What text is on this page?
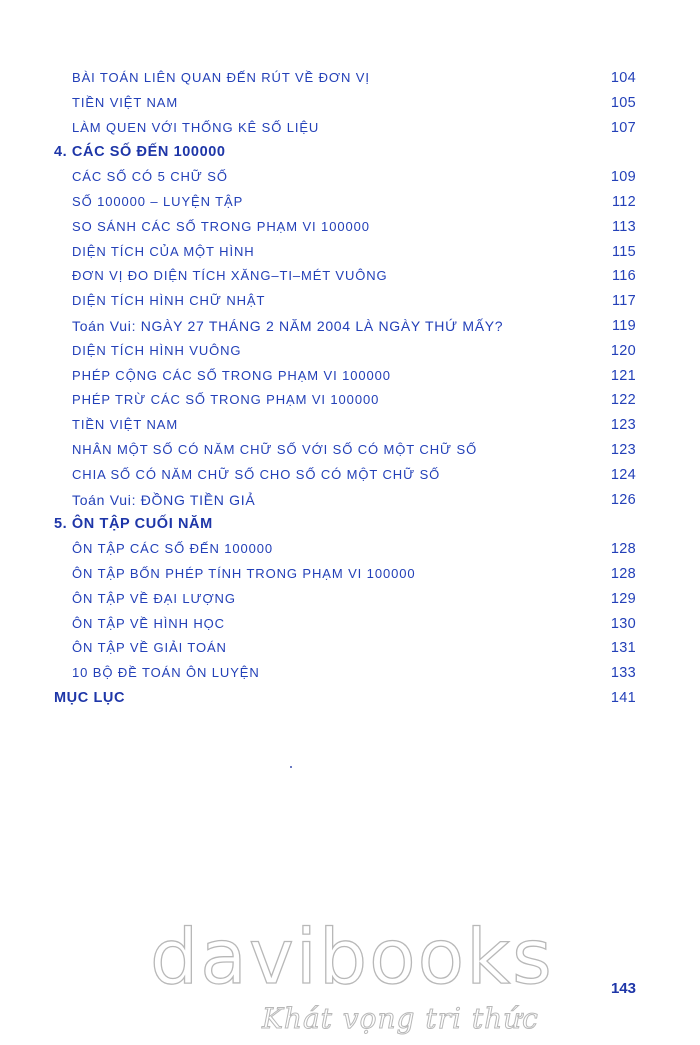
BÀI TOÁN LIÊN QUAN ĐẾN RÚT VỀ ĐƠN VỊ	104
TIỀN VIỆT NAM	105
LÀM QUEN VỚI THỐNG KÊ SỐ LIỆU	107
4. CÁC SỐ ĐẾN 100000
CÁC SỐ CÓ 5 CHỮ SỐ	109
SỐ 100000 – LUYỆN TẬP	112
SO SÁNH CÁC SỐ TRONG PHẠM VI 100000	113
DIỆN TÍCH CỦA MỘT HÌNH	115
ĐƠN VỊ ĐO DIỆN TÍCH XĂNG–TI–MÉT VUÔNG	116
DIỆN TÍCH HÌNH CHỮ NHẬT	117
Toán Vui: NGÀY 27 THÁNG 2 NĂM 2004 LÀ NGÀY THỨ MẤY?	119
DIỆN TÍCH HÌNH VUÔNG	120
PHÉP CỘNG CÁC SỐ TRONG PHẠM VI 100000	121
PHÉP TRỪ CÁC SỐ TRONG PHẠM VI 100000	122
TIỀN VIỆT NAM	123
NHÂN MỘT SỐ CÓ NĂM CHỮ SỐ VỚI SỐ CÓ MỘT CHỮ SỐ	123
CHIA SỐ CÓ NĂM CHỮ SỐ CHO SỐ CÓ MỘT CHỮ SỐ	124
Toán Vui: ĐỒNG TIỀN GIẢ	126
5. ÔN TẬP CUỐI NĂM
ÔN TẬP CÁC SỐ ĐẾN 100000	128
ÔN TẬP BỐN PHÉP TÍNH TRONG PHẠM VI 100000	128
ÔN TẬP VỀ ĐẠI LƯỢNG	129
ÔN TẬP VỀ HÌNH HỌC	130
ÔN TẬP VỀ GIẢI TOÁN	131
10 BỘ ĐỀ TOÁN ÔN LUYỆN	133
MỤC LỤC	141
143
davibooks
Khát vọng tri thức
